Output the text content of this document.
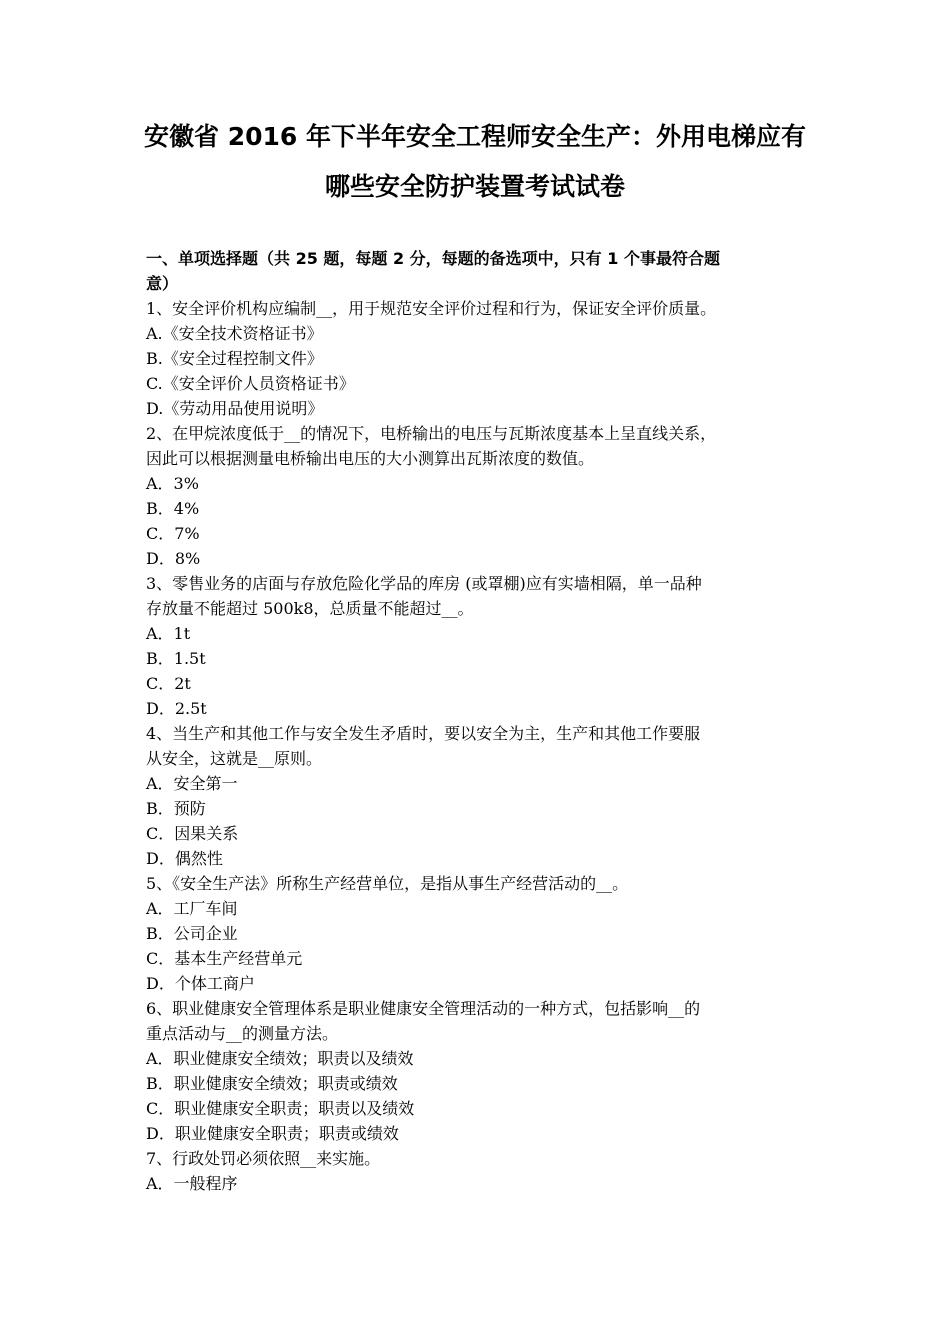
安徽省 2016 年下半年安全工程师安全生产：外用电梯应有
哪些安全防护装置考试试卷
一、单项选择题（共 25 题，每题 2 分，每题的备选项中，只有 1 个事最符合题
意）
1、安全评价机构应编制__，用于规范安全评价过程和行为，保证安全评价质量。
A.《安全技术资格证书》
B.《安全过程控制文件》
C.《安全评价人员资格证书》
D.《劳动用品使用说明》
2、在甲烷浓度低于__的情况下，电桥输出的电压与瓦斯浓度基本上呈直线关系，
因此可以根据测量电桥输出电压的大小测算出瓦斯浓度的数值。
A．3%
B．4%
C．7%
D．8%
3、零售业务的店面与存放危险化学品的库房 (或罩棚)应有实墙相隔，单一品种
存放量不能超过 500k8，总质量不能超过__。
A．1t
B．1.5t
C．2t
D．2.5t
4、当生产和其他工作与安全发生矛盾时，要以安全为主，生产和其他工作要服
从安全，这就是__原则。
A．安全第一
B．预防
C．因果关系
D．偶然性
5、《安全生产法》所称生产经营单位，是指从事生产经营活动的__。
A．工厂车间
B．公司企业
C．基本生产经营单元
D．个体工商户
6、职业健康安全管理体系是职业健康安全管理活动的一种方式，包括影响__的
重点活动与__的测量方法。
A．职业健康安全绩效；职责以及绩效
B．职业健康安全绩效；职责或绩效
C．职业健康安全职责；职责以及绩效
D．职业健康安全职责；职责或绩效
7、行政处罚必须依照__来实施。
A．一般程序
